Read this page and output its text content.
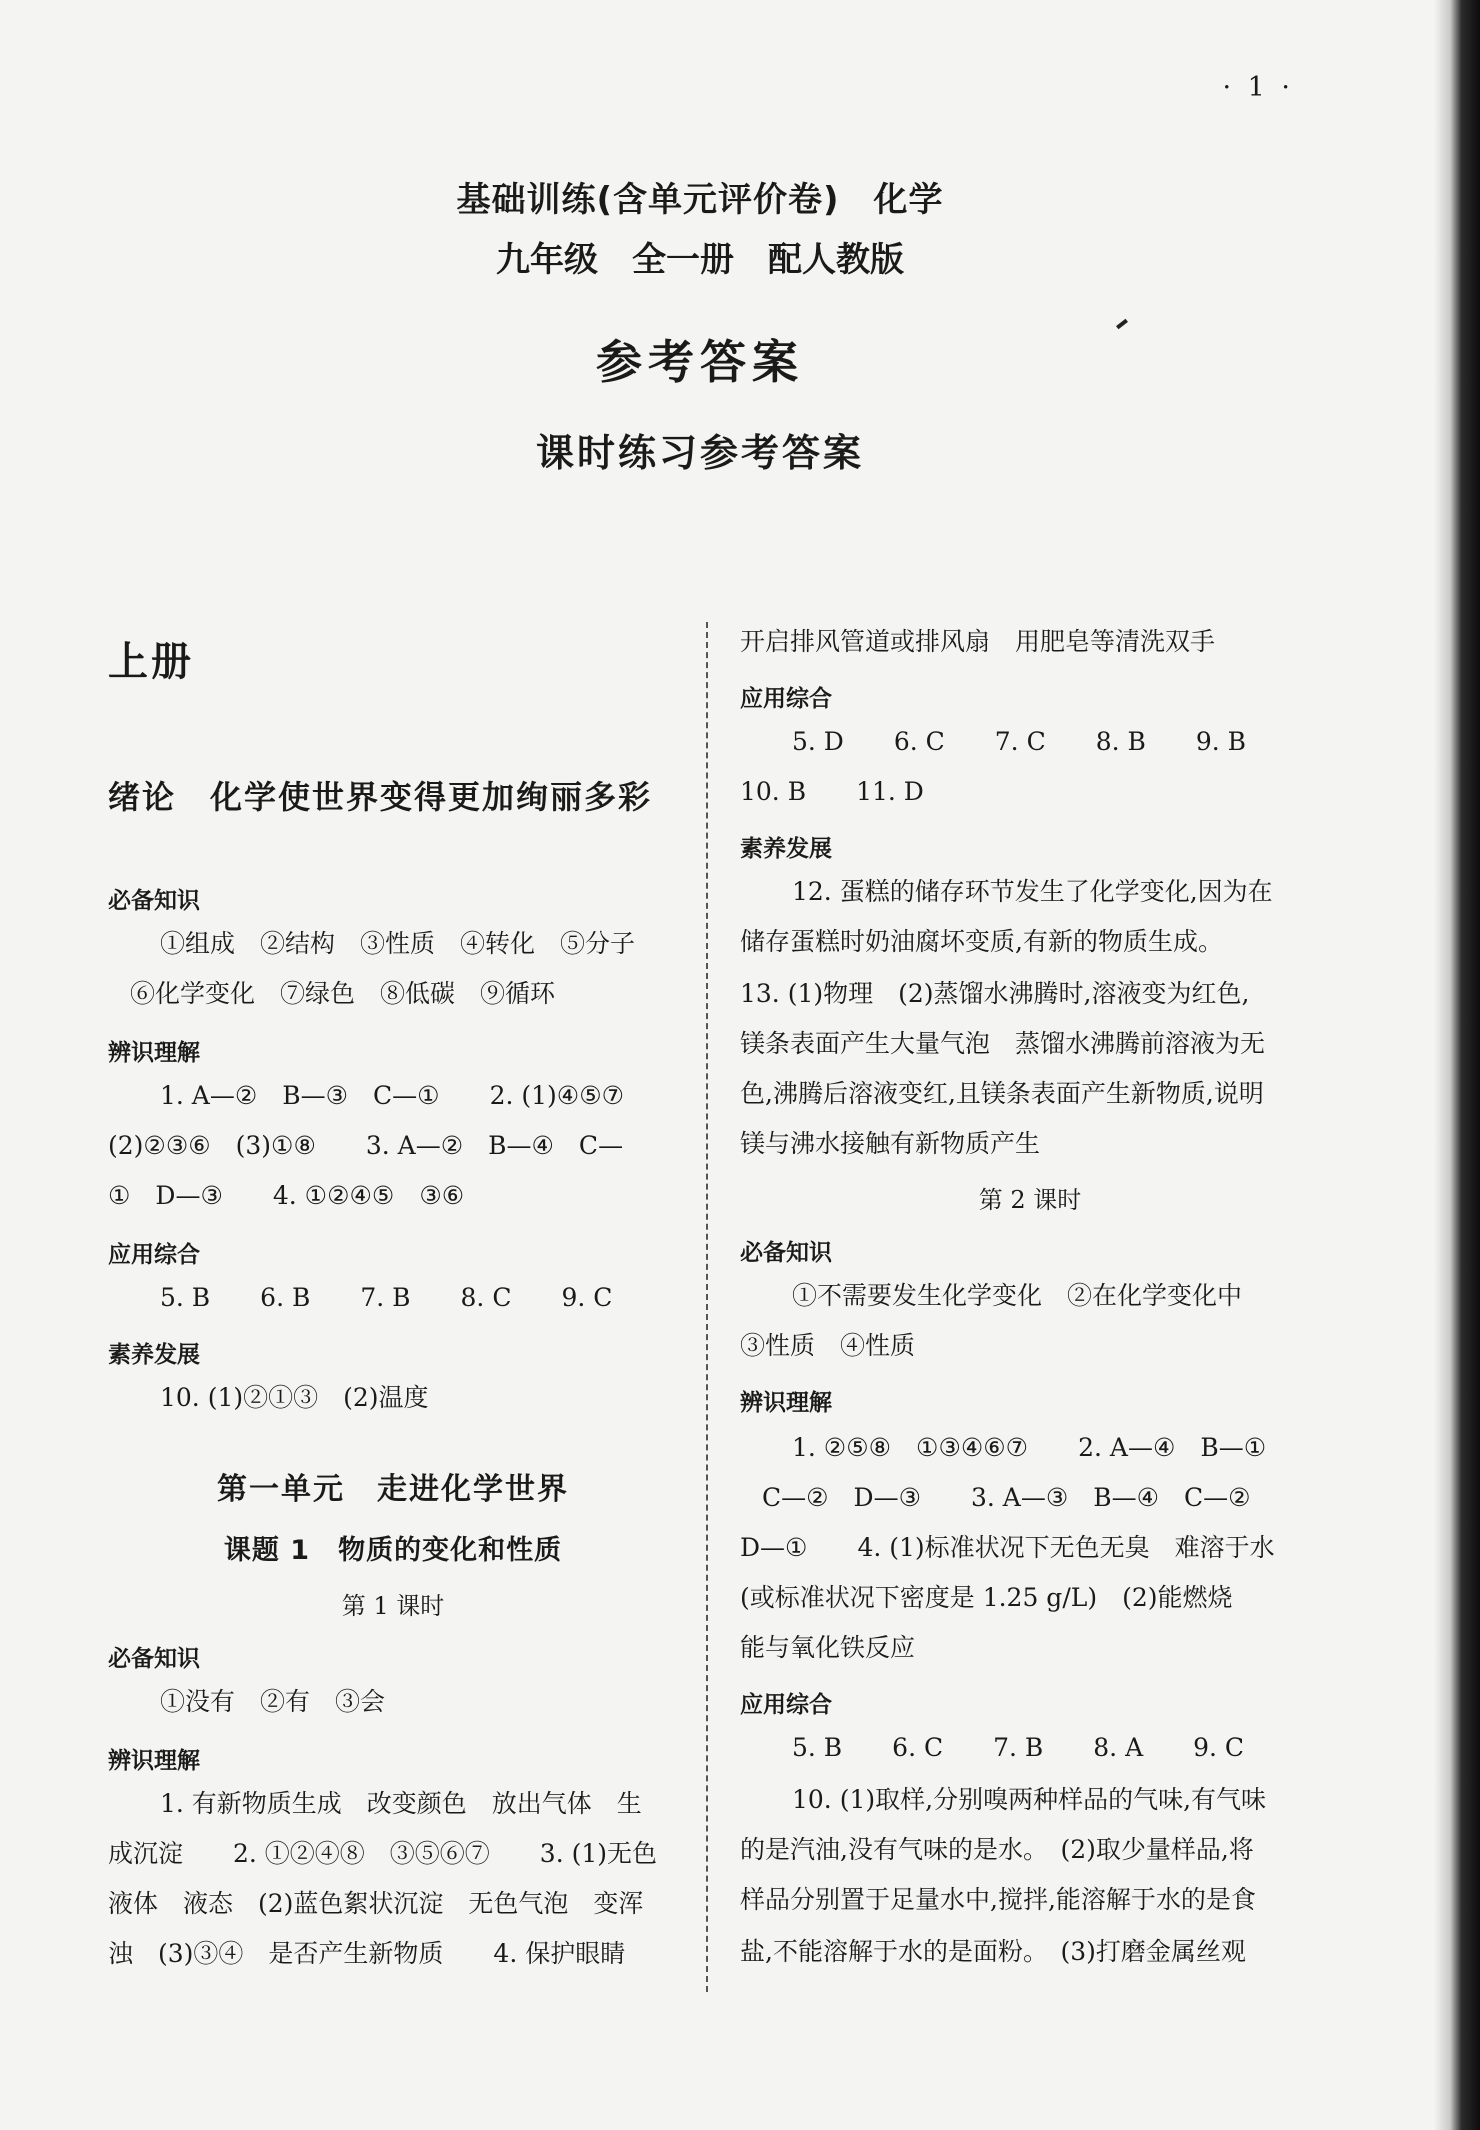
· 1 ·
基础训练(含单元评价卷) 化学
九年级 全一册 配人教版
参考答案
课时练习参考答案
上册
绪论　化学使世界变得更加绚丽多彩
必备知识
①组成　②结构　③性质　④转化　⑤分子
⑥化学变化　⑦绿色　⑧低碳　⑨循环
辨识理解
1. A—②　B—③　C—①　　2. (1)④⑤⑦
(2)②③⑥　(3)①⑧　　3. A—②　B—④　C—
①　D—③　　4. ①②④⑤　③⑥
应用综合
5. B　　6. B　　7. B　　8. C　　9. C
素养发展
10. (1)②①③　(2)温度
第一单元　走进化学世界
课题 1　物质的变化和性质
第 1 课时
必备知识
①没有　②有　③会
辨识理解
1. 有新物质生成　改变颜色　放出气体　生
成沉淀　　2. ①②④⑧　③⑤⑥⑦　　3. (1)无色
液体　液态　(2)蓝色絮状沉淀　无色气泡　变浑
浊　(3)③④　是否产生新物质　　4. 保护眼睛
开启排风管道或排风扇　用肥皂等清洗双手
应用综合
5. D　　6. C　　7. C　　8. B　　9. B
10. B　　11. D
素养发展
12. 蛋糕的储存环节发生了化学变化,因为在
储存蛋糕时奶油腐坏变质,有新的物质生成。
13. (1)物理　(2)蒸馏水沸腾时,溶液变为红色,
镁条表面产生大量气泡　蒸馏水沸腾前溶液为无
色,沸腾后溶液变红,且镁条表面产生新物质,说明
镁与沸水接触有新物质产生
第 2 课时
必备知识
①不需要发生化学变化　②在化学变化中
③性质　④性质
辨识理解
1. ②⑤⑧　①③④⑥⑦　　2. A—④　B—①
C—②　D—③　　3. A—③　B—④　C—②
D—①　　4. (1)标准状况下无色无臭　难溶于水
(或标准状况下密度是 1.25 g/L)　(2)能燃烧
能与氧化铁反应
应用综合
5. B　　6. C　　7. B　　8. A　　9. C
10. (1)取样,分别嗅两种样品的气味,有气味
的是汽油,没有气味的是水。　(2)取少量样品,将
样品分别置于足量水中,搅拌,能溶解于水的是食
盐,不能溶解于水的是面粉。　(3)打磨金属丝观
